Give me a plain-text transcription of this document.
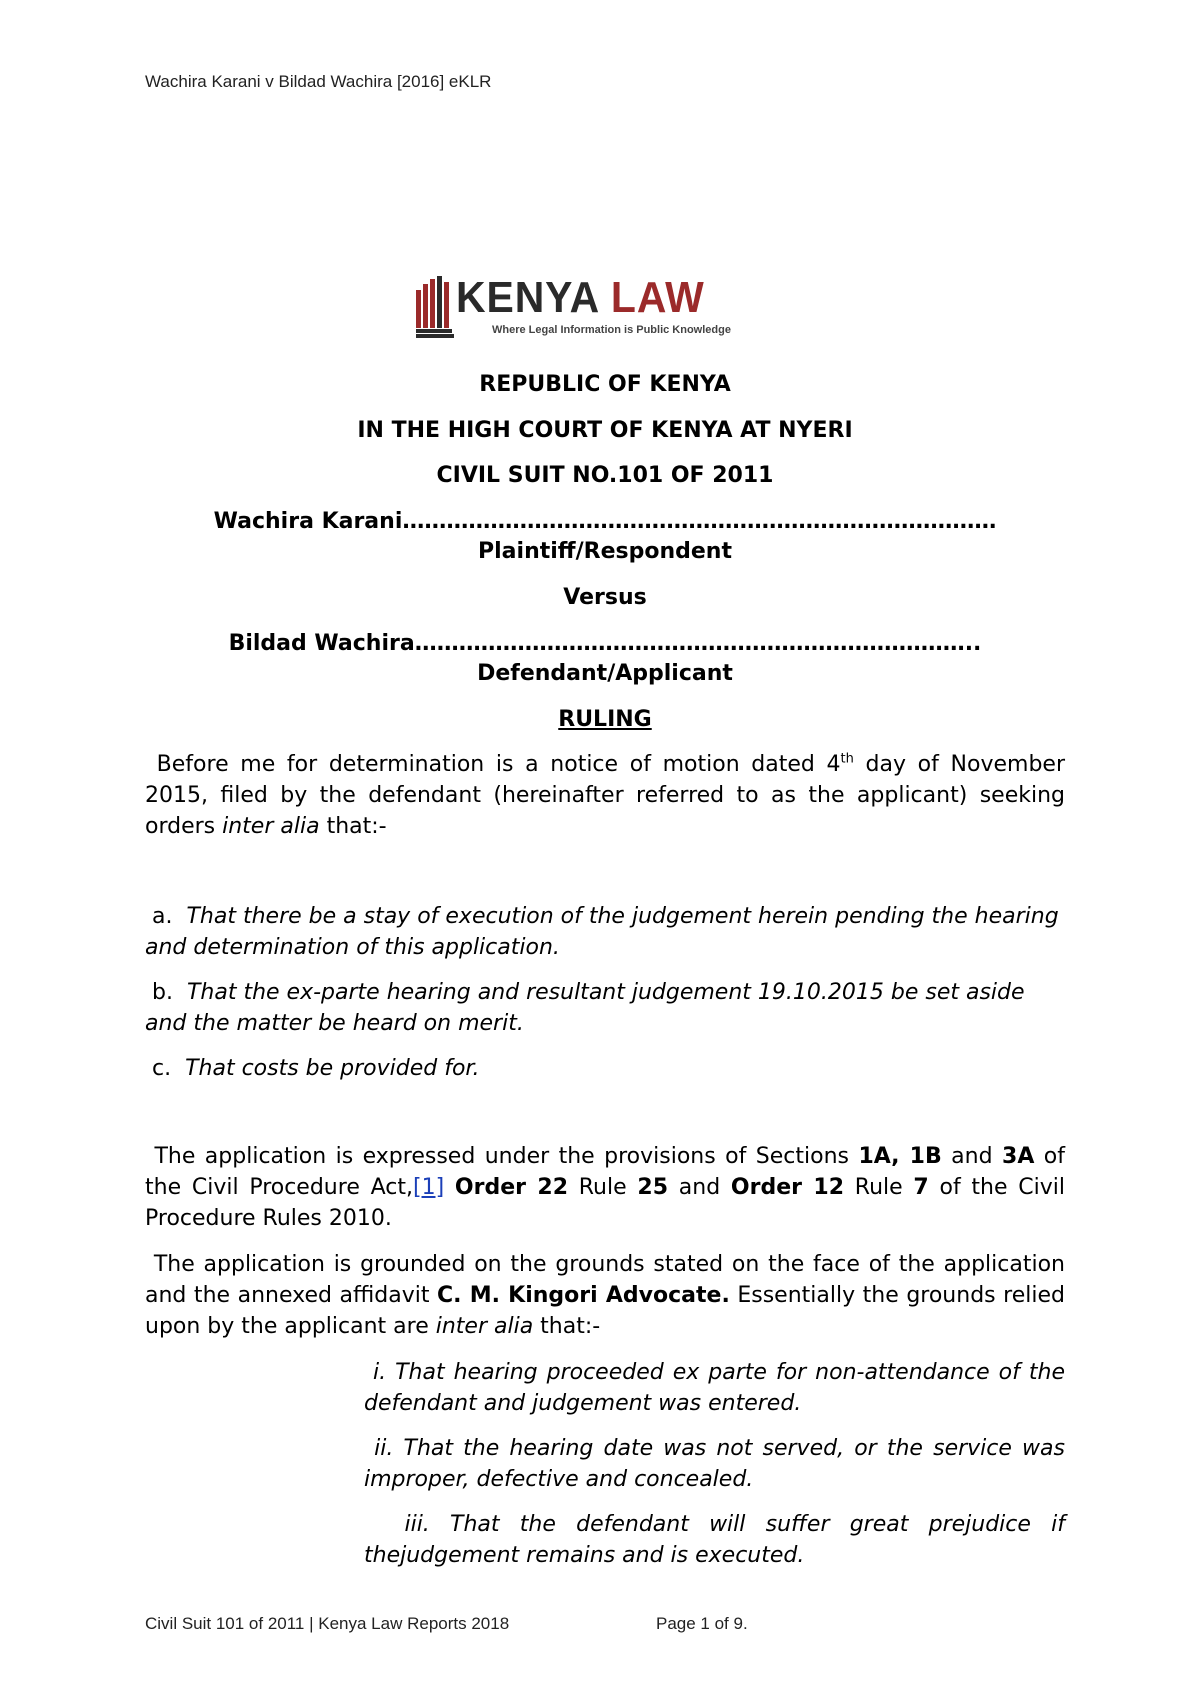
Wachira Karani v Bildad Wachira [2016] eKLR
KENYA LAW
Where Legal Information is Public Knowledge
REPUBLIC OF KENYA
IN THE HIGH COURT OF KENYA AT NYERI
CIVIL SUIT NO.101 OF 2011
Wachira Karani………………………………………………………………………
Plaintiff/Respondent
Versus
Bildad Wachira…………………………………………………………………..
Defendant/Applicant
RULING
Before me for determination is a notice of motion dated 4th day of November 2015, filed by the defendant (hereinafter referred to as the applicant) seeking orders inter alia that:-
a. That there be a stay of execution of the judgement herein pending the hearing and determination of this application.
b. That the ex-parte hearing and resultant judgement 19.10.2015 be set aside and the matter be heard on merit.
c. That costs be provided for.
The application is expressed under the provisions of Sections 1A, 1B and 3A of the Civil Procedure Act,[1] Order 22 Rule 25 and Order 12 Rule 7 of the Civil Procedure Rules 2010.
The application is grounded on the grounds stated on the face of the application and the annexed affidavit C. M. Kingori Advocate. Essentially the grounds relied upon by the applicant are inter alia that:-
i. That hearing proceeded ex parte for non-attendance of the defendant and judgement was entered.
ii. That the hearing date was not served, or the service was improper, defective and concealed.
iii. That the defendant will suffer great prejudice if thejudgement remains and is executed.
Civil Suit 101 of 2011 | Kenya Law Reports 2018	Page 1 of 9.
